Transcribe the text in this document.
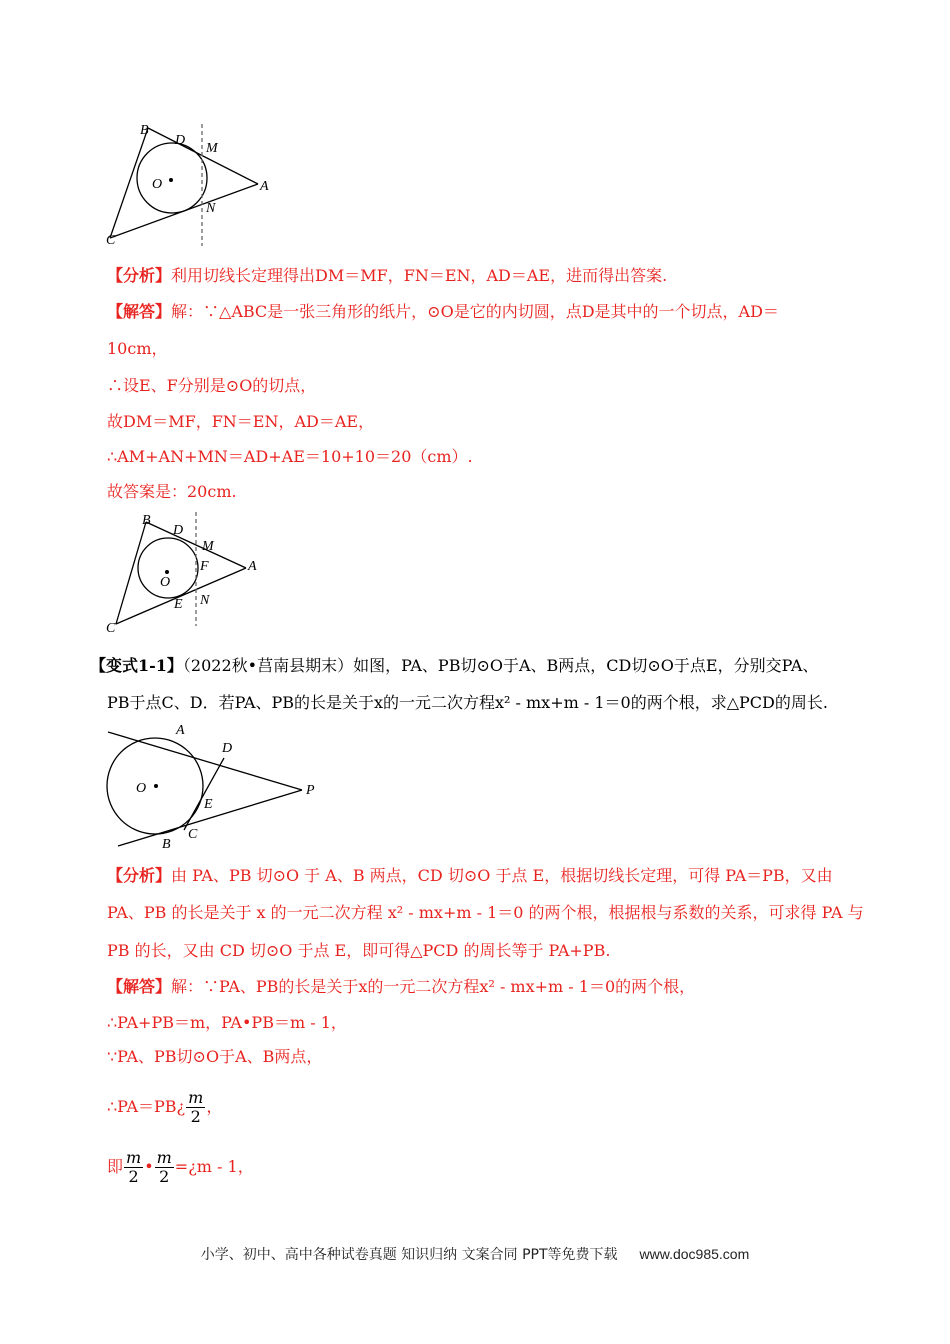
B
D
M
O	A
N
C
【分析】利用切线长定理得出DM＝MF，FN＝EN，AD＝AE，进而得出答案.
【解答】解：∵△ABC是一张三角形的纸片，⊙O是它的内切圆，点D是其中的一个切点，AD＝
10cm，
∴设E、F分别是⊙O的切点，
故DM＝MF，FN＝EN，AD＝AE，
∴AM+AN+MN＝AD+AE＝10+10＝20（cm）.
故答案是：20cm.
B
D
M
O
F	A
E N
C
【变式1-1】（2022秋•莒南县期末）如图，PA、PB切⊙O于A、B两点，CD切⊙O于点E，分别交PA、
PB于点C、D．若PA、PB的长是关于x的一元二次方程x² - mx+m - 1＝0的两个根，求△PCD的周长.
A
D
O	P
E
B
C
【分析】由 PA、PB 切⊙O 于 A、B 两点，CD 切⊙O 于点 E，根据切线长定理，可得 PA＝PB，又由
PA、PB 的长是关于 x 的一元二次方程 x² - mx+m - 1＝0 的两个根，根据根与系数的关系，可求得 PA 与
PB 的长，又由 CD 切⊙O 于点 E，即可得△PCD 的周长等于 PA+PB.
【解答】解：∵PA、PB的长是关于x的一元二次方程x² - mx+m - 1＝0的两个根，
∴PA+PB＝m，PA•PB＝m - 1，
∵PA、PB切⊙O于A、B两点，
∴PA＝PB¿ $\frac{m}{2}$ ，
即 $\frac{m}{2}$ • $\frac{m}{2}$ =¿m - 1，
小学、初中、高中各种试卷真题 知识归纳 文案合同 PPT等免费下载 www.doc985.com
